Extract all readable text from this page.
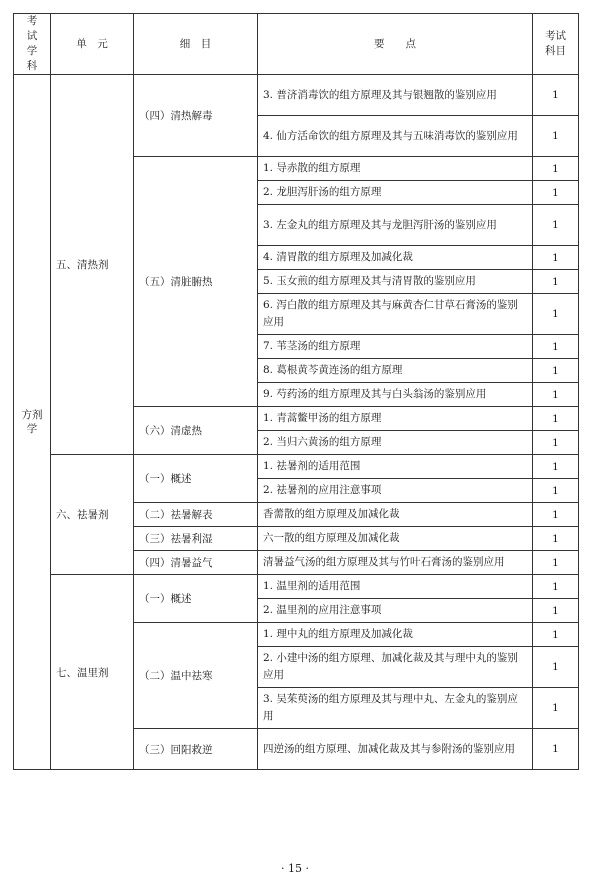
考试学科	单　元	细　目	要　　点	考试科目
方剂学	五、清热剂	（四）清热解毒	3. 普济消毒饮的组方原理及其与银翘散的鉴别应用	1
			4. 仙方活命饮的组方原理及其与五味消毒饮的鉴别应用	1
		（五）清脏腑热	1. 导赤散的组方原理	1
			2. 龙胆泻肝汤的组方原理	1
			3. 左金丸的组方原理及其与龙胆泻肝汤的鉴别应用	1
			4. 清胃散的组方原理及加减化裁	1
			5. 玉女煎的组方原理及其与清胃散的鉴别应用	1
			6. 泻白散的组方原理及其与麻黄杏仁甘草石膏汤的鉴别应用	1
			7. 苇茎汤的组方原理	1
			8. 葛根黄芩黄连汤的组方原理	1
			9. 芍药汤的组方原理及其与白头翁汤的鉴别应用	1
		（六）清虚热	1. 青蒿鳖甲汤的组方原理	1
			2. 当归六黄汤的组方原理	1
	六、祛暑剂	（一）概述	1. 祛暑剂的适用范围	1
			2. 祛暑剂的应用注意事项	1
		（二）祛暑解表	香薷散的组方原理及加减化裁	1
		（三）祛暑利湿	六一散的组方原理及加减化裁	1
		（四）清暑益气	清暑益气汤的组方原理及其与竹叶石膏汤的鉴别应用	1
	七、温里剂	（一）概述	1. 温里剂的适用范围	1
			2. 温里剂的应用注意事项	1
		（二）温中祛寒	1. 理中丸的组方原理及加减化裁	1
			2. 小建中汤的组方原理、加减化裁及其与理中丸的鉴别应用	1
			3. 吴茱萸汤的组方原理及其与理中丸、左金丸的鉴别应用	1
		（三）回阳救逆	四逆汤的组方原理、加减化裁及其与参附汤的鉴别应用	1
· 15 ·
